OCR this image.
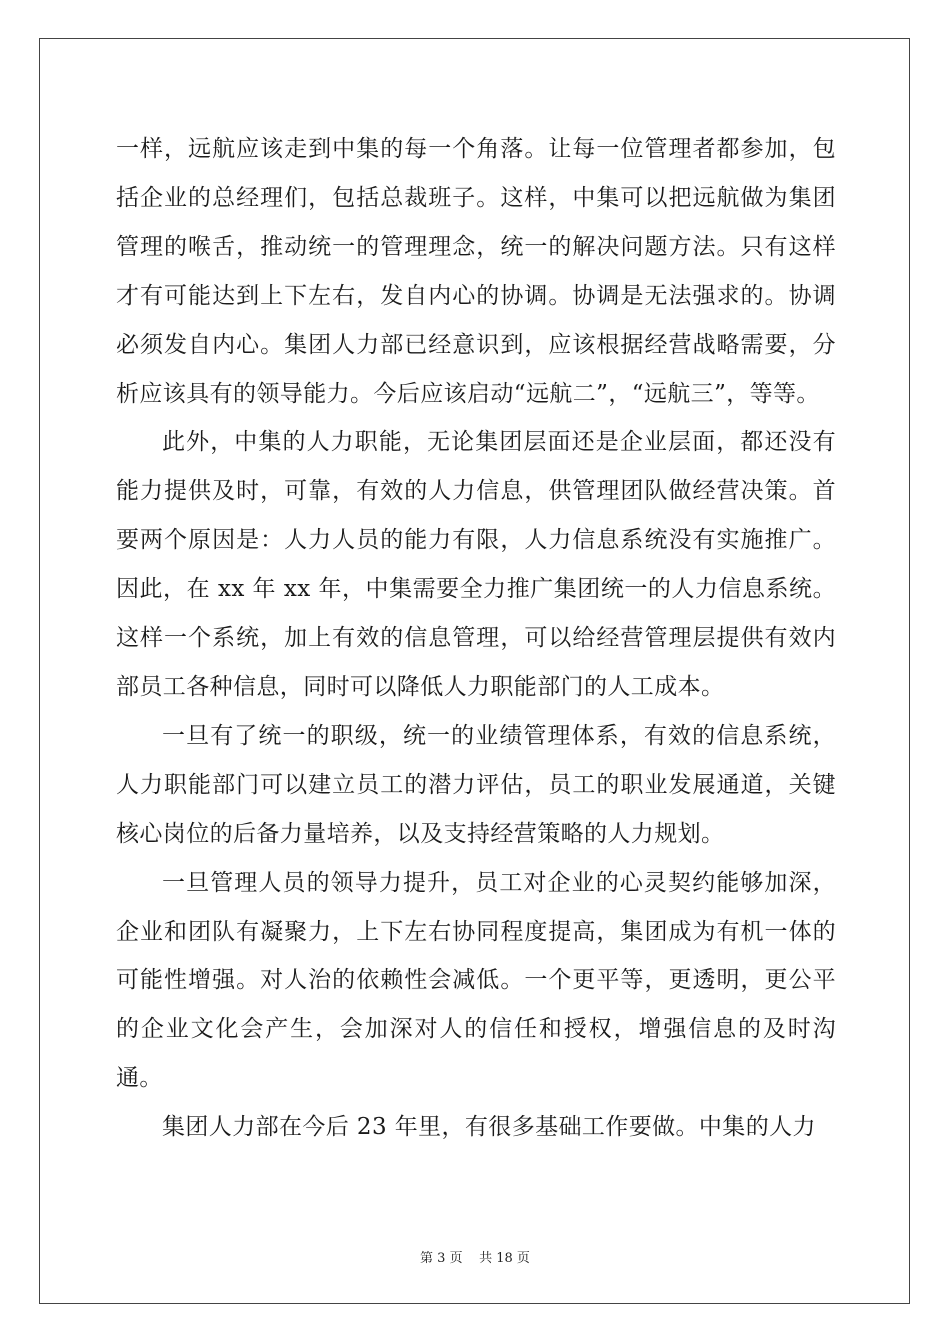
一样，远航应该走到中集的每一个角落。让每一位管理者都参加，包括企业的总经理们，包括总裁班子。这样，中集可以把远航做为集团管理的喉舌，推动统一的管理理念，统一的解决问题方法。只有这样才有可能达到上下左右，发自内心的协调。协调是无法强求的。协调必须发自内心。集团人力部已经意识到，应该根据经营战略需要，分析应该具有的领导能力。今后应该启动“远航二”，“远航三”，等等。

此外，中集的人力职能，无论集团层面还是企业层面，都还没有能力提供及时，可靠，有效的人力信息，供管理团队做经营决策。首要两个原因是：人力人员的能力有限，人力信息系统没有实施推广。因此，在 xx 年 xx 年，中集需要全力推广集团统一的人力信息系统。这样一个系统，加上有效的信息管理，可以给经营管理层提供有效内部员工各种信息，同时可以降低人力职能部门的人工成本。

一旦有了统一的职级，统一的业绩管理体系，有效的信息系统，人力职能部门可以建立员工的潜力评估，员工的职业发展通道，关键核心岗位的后备力量培养，以及支持经营策略的人力规划。

一旦管理人员的领导力提升，员工对企业的心灵契约能够加深，企业和团队有凝聚力，上下左右协同程度提高，集团成为有机一体的可能性增强。对人治的依赖性会减低。一个更平等，更透明，更公平的企业文化会产生，会加深对人的信任和授权，增强信息的及时沟通。

集团人力部在今后 23 年里，有很多基础工作要做。中集的人力

第 3 页 共 18 页
